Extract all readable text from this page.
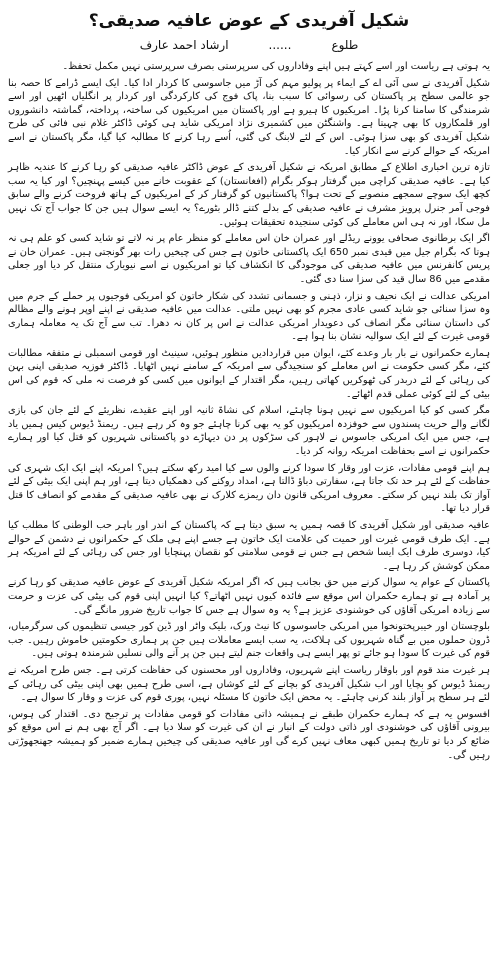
شکیل آفریدی کے عوض عافیہ صدیقی؟
طلوع
......
ارشاد احمد عارف

یہ ہوتی ہے ریاست اور اسے کہتے ہیں اپنے وفاداروں کی سرپرستی بصرف سرپرستی نہیں مکمل تحفظ۔

شکیل آفریدی نے سی آئی اے کے ایماء پر پولیو مہم کی آڑ میں جاسوسی کا کردار ادا کیا۔ ایک ایسے ڈرامے کا حصہ بنا جو عالمی سطح پر پاکستان کی رسوائی کا سبب بنا، پاک فوج کی کارکردگی اور کردار پر انگلیاں اٹھیں اور اسے شرمندگی کا سامنا کرنا پڑا۔ امریکیوں کا ہیرو ہے اور پاکستان میں امریکیوں کی ساختہ، پرداختہ، گماشتہ دانشوروں اور قلمکاروں کا بھی چہیتا ہے۔ واشنگٹن میں کشمیری نژاد امریکی شاید ہی کوئی ڈاکٹر غلام نبی فائی کی طرح شکیل آفریدی کو بھی سزا ہوئی۔ اس کے لئے لابنگ کی گئی، اُسے رہا کرنے کا مطالبہ کیا گیا، مگر پاکستان نے اسے امریکہ کے حوالے کرنے سے انکار کیا۔

تازہ ترین اخباری اطلاع کے مطابق امریکہ نے شکیل آفریدی کے عوض ڈاکٹر عافیہ صدیقی کو رہا کرنے کا عندیہ ظاہر کیا ہے۔ عافیہ صدیقی کراچی میں گرفتار ہوکر بگرام (افغانستان) کے عقوبت خانے میں کیسے پہنچیں؟ اور کیا یہ سب کچھ ایک سوچے سمجھے منصوبے کے تحت ہوا؟ پاکستانیوں کو گرفتار کر کے امریکیوں کے ہاتھ فروخت کرنے والے سابق فوجی آمر جنرل پرویز مشرف نے عافیہ صدیقی کے بدلے کتنے ڈالر بٹورے؟ یہ ایسے سوال ہیں جن کا جواب آج تک نہیں مل سکا، اور نہ ہی اس معاملے کی کوئی سنجیدہ تحقیقات ہوئیں۔

اگر ایک برطانوی صحافی یوونے ریڈلے اور عمران خان اس معاملے کو منظر عام پر نہ لاتے تو شاید کسی کو علم ہی نہ ہوتا کہ بگرام جیل میں قیدی نمبر 650 ایک پاکستانی خاتون ہے جس کی چیخیں رات بھر گونجتی ہیں۔ عمران خان نے پریس کانفرنس میں عافیہ صدیقی کی موجودگی کا انکشاف کیا تو امریکیوں نے اسے نیویارک منتقل کر دیا اور جعلی مقدمے میں 86 سال قید کی سزا سنا دی گئی۔

امریکی عدالت نے ایک نحیف و نزار، ذہنی و جسمانی تشدد کی شکار خاتون کو امریکی فوجیوں پر حملے کے جرم میں وہ سزا سنائی جو شاید کسی عادی مجرم کو بھی نہیں ملتی۔ عدالت میں عافیہ صدیقی نے اپنے اوپر ہونے والے مظالم کی داستان سنائی مگر انصاف کی دعویدار امریکی عدالت نے اس پر کان نہ دھرا۔ تب سے آج تک یہ معاملہ ہماری قومی غیرت کے لئے ایک سوالیہ نشان بنا ہوا ہے۔

ہمارے حکمرانوں نے بار بار وعدے کئے، ایوان میں قراردادیں منظور ہوئیں، سینیٹ اور قومی اسمبلی نے متفقہ مطالبات کئے، مگر کسی حکومت نے اس معاملے کو سنجیدگی سے امریکہ کے سامنے نہیں اٹھایا۔ ڈاکٹر فوزیہ صدیقی اپنی بہن کی رہائی کے لئے دربدر کی ٹھوکریں کھاتی رہیں، مگر اقتدار کے ایوانوں میں کسی کو فرصت نہ ملی کہ قوم کی اس بیٹی کے لئے کوئی عملی قدم اٹھائے۔

مگر کسی کو کیا امریکیوں سے نہیں ہونا چاہئے، اسلام کی نشاۃ ثانیہ اور اپنے عقیدے، نظریئے کے لئے جان کی بازی لگانے والے حریت پسندوں سے خوفزدہ امریکیوں کو یہ بھی کرنا چاہئے جو وہ کر رہے ہیں۔ ریمنڈ ڈیوس کیس ہمیں یاد ہے، جس میں ایک امریکی جاسوس نے لاہور کی سڑکوں پر دن دیہاڑے دو پاکستانی شہریوں کو قتل کیا اور ہمارے حکمرانوں نے اسے بحفاظت امریکہ روانہ کر دیا۔

ہم اپنے قومی مفادات، عزت اور وقار کا سودا کرنے والوں سے کیا امید رکھ سکتے ہیں؟ امریکہ اپنے ایک ایک شہری کی حفاظت کے لئے ہر حد تک جاتا ہے، سفارتی دباؤ ڈالتا ہے، امداد روکنے کی دھمکیاں دیتا ہے، اور ہم اپنی ایک بیٹی کے لئے آواز تک بلند نہیں کر سکتے۔ معروف امریکی قانون دان ریمزے کلارک نے بھی عافیہ صدیقی کے مقدمے کو انصاف کا قتل قرار دیا تھا۔

عافیہ صدیقی اور شکیل آفریدی کا قصہ ہمیں یہ سبق دیتا ہے کہ پاکستان کے اندر اور باہر حب الوطنی کا مطلب کیا ہے۔ ایک طرف قومی غیرت اور حمیت کی علامت ایک خاتون ہے جسے اپنے ہی ملک کے حکمرانوں نے دشمن کے حوالے کیا، دوسری طرف ایک ایسا شخص ہے جس نے قومی سلامتی کو نقصان پہنچایا اور جس کی رہائی کے لئے امریکہ ہر ممکن کوشش کر رہا ہے۔

پاکستان کے عوام یہ سوال کرنے میں حق بجانب ہیں کہ اگر امریکہ شکیل آفریدی کے عوض عافیہ صدیقی کو رہا کرنے پر آمادہ ہے تو ہمارے حکمران اس موقع سے فائدہ کیوں نہیں اٹھاتے؟ کیا انہیں اپنی قوم کی بیٹی کی عزت و حرمت سے زیادہ امریکی آقاؤں کی خوشنودی عزیز ہے؟ یہ وہ سوال ہے جس کا جواب تاریخ ضرور مانگے گی۔

بلوچستان اور خیبرپختونخوا میں امریکی جاسوسوں کا نیٹ ورک، بلیک واٹر اور ڈین کور جیسی تنظیموں کی سرگرمیاں، ڈرون حملوں میں بے گناہ شہریوں کی ہلاکت، یہ سب ایسے معاملات ہیں جن پر ہماری حکومتیں خاموش رہیں۔ جب قوم کی غیرت کا سودا ہو جائے تو پھر ایسے ہی واقعات جنم لیتے ہیں جن پر آنے والی نسلیں شرمندہ ہوتی ہیں۔

ہر غیرت مند قوم اور باوقار ریاست اپنے شہریوں، وفاداروں اور محسنوں کی حفاظت کرتی ہے۔ جس طرح امریکہ نے ریمنڈ ڈیوس کو بچایا اور اب شکیل آفریدی کو بچانے کے لئے کوشاں ہے، اسی طرح ہمیں بھی اپنی بیٹی کی رہائی کے لئے ہر سطح پر آواز بلند کرنی چاہئے۔ یہ محض ایک خاتون کا مسئلہ نہیں، پوری قوم کی عزت و وقار کا سوال ہے۔

افسوس یہ ہے کہ ہمارے حکمران طبقے نے ہمیشہ ذاتی مفادات کو قومی مفادات پر ترجیح دی۔ اقتدار کی ہوس، بیرونی آقاؤں کی خوشنودی اور ذاتی دولت کے انبار نے ان کی غیرت کو سلا دیا ہے۔ اگر آج بھی ہم نے اس موقع کو ضائع کر دیا تو تاریخ ہمیں کبھی معاف نہیں کرے گی اور عافیہ صدیقی کی چیخیں ہمارے ضمیر کو ہمیشہ جھنجھوڑتی رہیں گی۔
